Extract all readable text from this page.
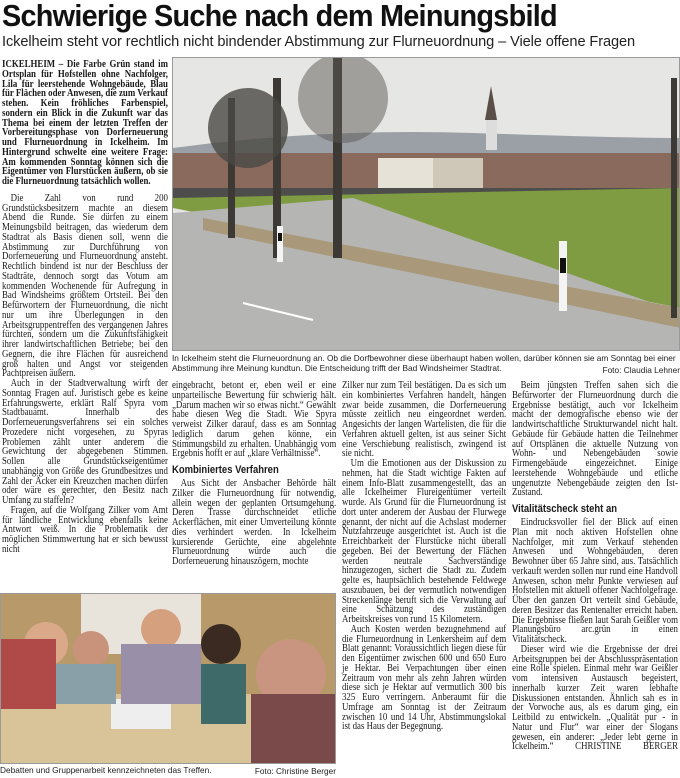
Schwierige Suche nach dem Meinungsbild
Ickelheim steht vor rechtlich nicht bindender Abstimmung zur Flurneuordnung – Viele offene Fragen

ICKELHEIM – Die Farbe Grün stand im Ortsplan für Hofstellen ohne Nachfolger, Lila für leerstehende Wohngebäude, Blau für Flächen oder Anwesen, die zum Verkauf stehen. Kein fröhliches Farbenspiel, sondern ein Blick in die Zukunft war das Thema bei einem der letzten Treffen der Vorbereitungsphase von Dorferneuerung und Flurneuordnung in Ickelheim. Im Hintergrund schwelte eine weitere Frage: Am kommenden Sonntag können sich die Eigentümer von Flurstücken äußern, ob sie die Flurneuordnung tatsächlich wollen.

Die Zahl von rund 200 Grundstücksbesitzern machte an diesem Abend die Runde. Sie dürfen zu einem Meinungsbild beitragen, das wiederum dem Stadtrat als Basis dienen soll, wenn die Abstimmung zur Durchführung von Dorferneuerung und Flurneuordnung ansteht. Rechtlich bindend ist nur der Beschluss der Stadträte, dennoch sorgt das Votum am kommenden Wochenende für Aufregung in Bad Windsheims größtem Ortsteil. Bei den Befürwortern der Flurneuordnung, die nicht nur um ihre Überlegungen in den Arbeitsgruppentreffen des vergangenen Jahres fürchten, sondern um die Zukunftsfähigkeit ihrer landwirtschaftlichen Betriebe; bei den Gegnern, die ihre Flächen für ausreichend groß halten und Angst vor steigenden Pachtpreisen äußern.

Auch in der Stadtverwaltung wirft der Sonntag Fragen auf. Juristisch gebe es keine Erfahrungswerte, erklärt Ralf Spyra vom Stadtbauamt. Innerhalb des Dorferneuerungsverfahrens sei ein solches Prozedere nicht vorgesehen, zu Spyras Problemen zählt unter anderem die Gewichtung der abgegebenen Stimmen. Sollen alle Grundstückseigentümer unabhängig von Größe des Grundbesitzes und Zahl der Äcker ein Kreuzchen machen dürfen oder wäre es gerechter, den Besitz nach Umfang zu staffeln?

Fragen, auf die Wolfgang Zilker vom Amt für ländliche Entwicklung ebenfalls keine Antwort weiß. In die Problematik der möglichen Stimmwertung hat er sich bewusst nicht

In Ickelheim steht die Flurneuordnung an. Ob die Dorfbewohner diese überhaupt haben wollen, darüber können sie am Sonntag bei einer Abstimmung ihre Meinung kundtun. Die Entscheidung trifft der Bad Windsheimer Stadtrat.	Foto: Claudia Lehner

eingebracht, betont er, eben weil er eine unparteilische Bewertung für schwierig hält. „Darum machen wir so etwas nicht.“ Gewählt habe diesen Weg die Stadt. Wie Spyra verweist Zilker darauf, dass es am Sonntag lediglich darum gehen könne, ein Stimmungsbild zu erhalten. Unabhängig vom Ergebnis hofft er auf „klare Verhältnisse“.

Kombiniertes Verfahren

Aus Sicht der Ansbacher Behörde hält Zilker die Flurneuordnung für notwendig, allein wegen der geplanten Ortsumgehung. Deren Trasse durchschneidet etliche Ackerflächen, mit einer Umverteilung könnte dies verhindert werden. In Ickelheim kursierende Gerüchte, eine abgelehnte Flurneuordnung würde auch die Dorferneuerung hinauszögern, mochte

Zilker nur zum Teil bestätigen. Da es sich um ein kombiniertes Verfahren handelt, hängen zwar beide zusammen, die Dorferneuerung müsste zeitlich neu eingeordnet werden. Angesichts der langen Wartelisten, die für die Verfahren aktuell gelten, ist aus seiner Sicht eine Verschiebung realistisch, zwingend ist sie nicht.

Um die Emotionen aus der Diskussion zu nehmen, hat die Stadt wichtige Fakten auf einem Info-Blatt zusammengestellt, das an alle Ickelheimer Flureigentümer verteilt wurde. Als Grund für die Flurneuordnung ist dort unter anderem der Ausbau der Flurwege genannt, der nicht auf die Achslast moderner Nutzfahrzeuge ausgerichtet ist. Auch ist die Erreichbarkeit der Flurstücke nicht überall gegeben. Bei der Bewertung der Flächen werden neutrale Sachverständige hinzugezogen, sichert die Stadt zu. Zudem gelte es, hauptsächlich bestehende Feldwege auszubauen, bei der vermutlich notwendigen Streckenlänge beruft sich die Verwaltung auf eine Schätzung des zuständigen Arbeitskreises von rund 15 Kilometern.

Auch Kosten werden bezugnehmend auf die Flurneuordnung in Lenkersheim auf dem Blatt genannt: Voraussichtlich liegen diese für den Eigentümer zwischen 600 und 650 Euro je Hektar. Bei Verpachtungen über einen Zeitraum von mehr als zehn Jahren würden diese sich je Hektar auf vermutlich 300 bis 325 Euro verringern. Anberaumt für die Umfrage am Sonntag ist der Zeitraum zwischen 10 und 14 Uhr, Abstimmungslokal ist das Haus der Begegnung.

Beim jüngsten Treffen sahen sich die Befürworter der Flurneuordnung durch die Ergebnisse bestätigt, auch vor Ickelheim macht der demografische ebenso wie der landwirtschaftliche Strukturwandel nicht halt. Gebäude für Gebäude hatten die Teilnehmer auf Ortsplänen die aktuelle Nutzung von Wohn- und Nebengebäuden sowie Firmengebäude eingezeichnet. Einige leerstehende Wohngebäude und etliche ungenutzte Nebengebäude zeigten den Ist-Zustand.

Vitalitätscheck steht an

Eindrucksvoller fiel der Blick auf einen Plan mit noch aktiven Hofstellen ohne Nachfolger, mit zum Verkauf stehenden Anwesen und Wohngebäuden, deren Bewohner über 65 Jahre sind, aus. Tatsächlich verkauft werden sollen nur rund eine Handvoll Anwesen, schon mehr Punkte verwiesen auf Hofstellen mit aktuell offener Nachfolgefrage. Über den ganzen Ort verteilt sind Gebäude, deren Besitzer das Rentenalter erreicht haben. Die Ergebnisse fließen laut Sarah Geißler vom Planungsbüro arc.grün in einen Vitalitätscheck.

Dieser wird wie die Ergebnisse der drei Arbeitsgruppen bei der Abschlusspräsentation eine Rolle spielen. Einmal mehr war Geißler vom intensiven Austausch begeistert, innerhalb kurzer Zeit waren lebhafte Diskussionen entstanden. Ähnlich sah es in der Vorwoche aus, als es darum ging, ein Leitbild zu entwickeln. „Qualität pur - in Natur und Flur“ war einer der Slogans gewesen, ein anderer: „Jeder lebt gerne in Ickelheim.“ CHRISTINE BERGER

Debatten und Gruppenarbeit kennzeichneten das Treffen.	Foto: Christine Berger
